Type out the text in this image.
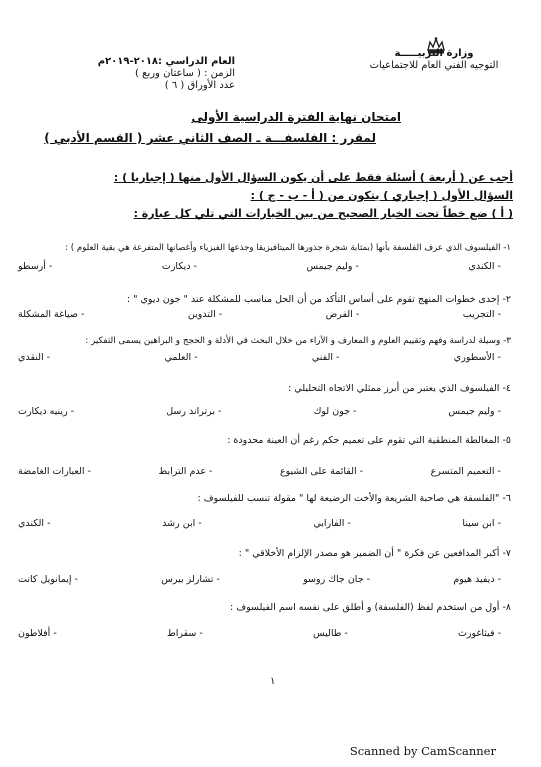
وزارة التربيـــــة
التوجيه الفني العام للاجتماعيات
العام الدراسي :٢٠١٨-٢٠١٩م
الزمن : ( ساعتان وربع )
عدد الأوراق ( ٦ )
امتحان نهاية الفترة الدراسية الأولى
لمقرر : الفلسفـــة ـ الصف الثاني عشر ( القسم الأدبي )
أجب عن ( أربعة ) أسئلة فقط على أن يكون السؤال الأول منها ( إجباريا ) :
السؤال الأول ( إجباري ) يتكون من ( أ - ب - ج ) :
( أ ) ضع خطاً تحت الخيار الصحيح من بين الخيارات التي تلي كل عبارة :
١- الفيلسوف الذي عرف الفلسفة بأنها (بمثابة شجرة جذورها الميتافيزيقا وجذعها الفيزياء وأغصانها المتفرعة هي بقية العلوم ) :
- الكندي
- وليم جيمس
- ديكارت
- أرسطو
٢- إحدى خطوات المنهج تقوم على أساس التأكد من أن الحل مناسب للمشكلة عند " جون ديوي " :
- التجريب
- الفرض
- التدوين
- صياغة المشكلة
٣- وسيلة لدراسة وفهم وتقييم العلوم و المعارف و الآراء من خلال البحث في الأدلة و الحجج و البراهين يسمى التفكير :
- الأسطوري
- الفني
- العلمي
- النقدي
٤- الفيلسوف الذي يعتبر من أبرز ممثلي الاتجاه التحليلي :
- وليم جيمس
- جون لوك
- برتراند رسل
- رينيه ديكارت
٥- المغالطة المنطقية التي تقوم على تعميم حكم رغم أن العينة محدودة :
- التعميم المتسرع
- القائمة على الشيوع
- عدم الترابط
- العبارات الغامضة
٦- "الفلسفة هي صاحبة الشريعة والأخت الرضيعة لها " مقولة تنسب للفيلسوف :
- ابن سينا
- الفارابي
- ابن رشد
- الكندي
٧- أكبر المدافعين عن فكرة " أن الضمير هو مصدر الإلزام الأخلاقي " :
- ديفيد هيوم
- جان جاك روسو
- تشارلز بيرس
- إيمانويل كانت
٨- أول من استخدم لفظ (الفلسفة) و أطلق على نفسه اسم الفيلسوف :
- فيثاغورث
- طاليس
- سقراط
- أفلاطون
١
Scanned by CamScanner
